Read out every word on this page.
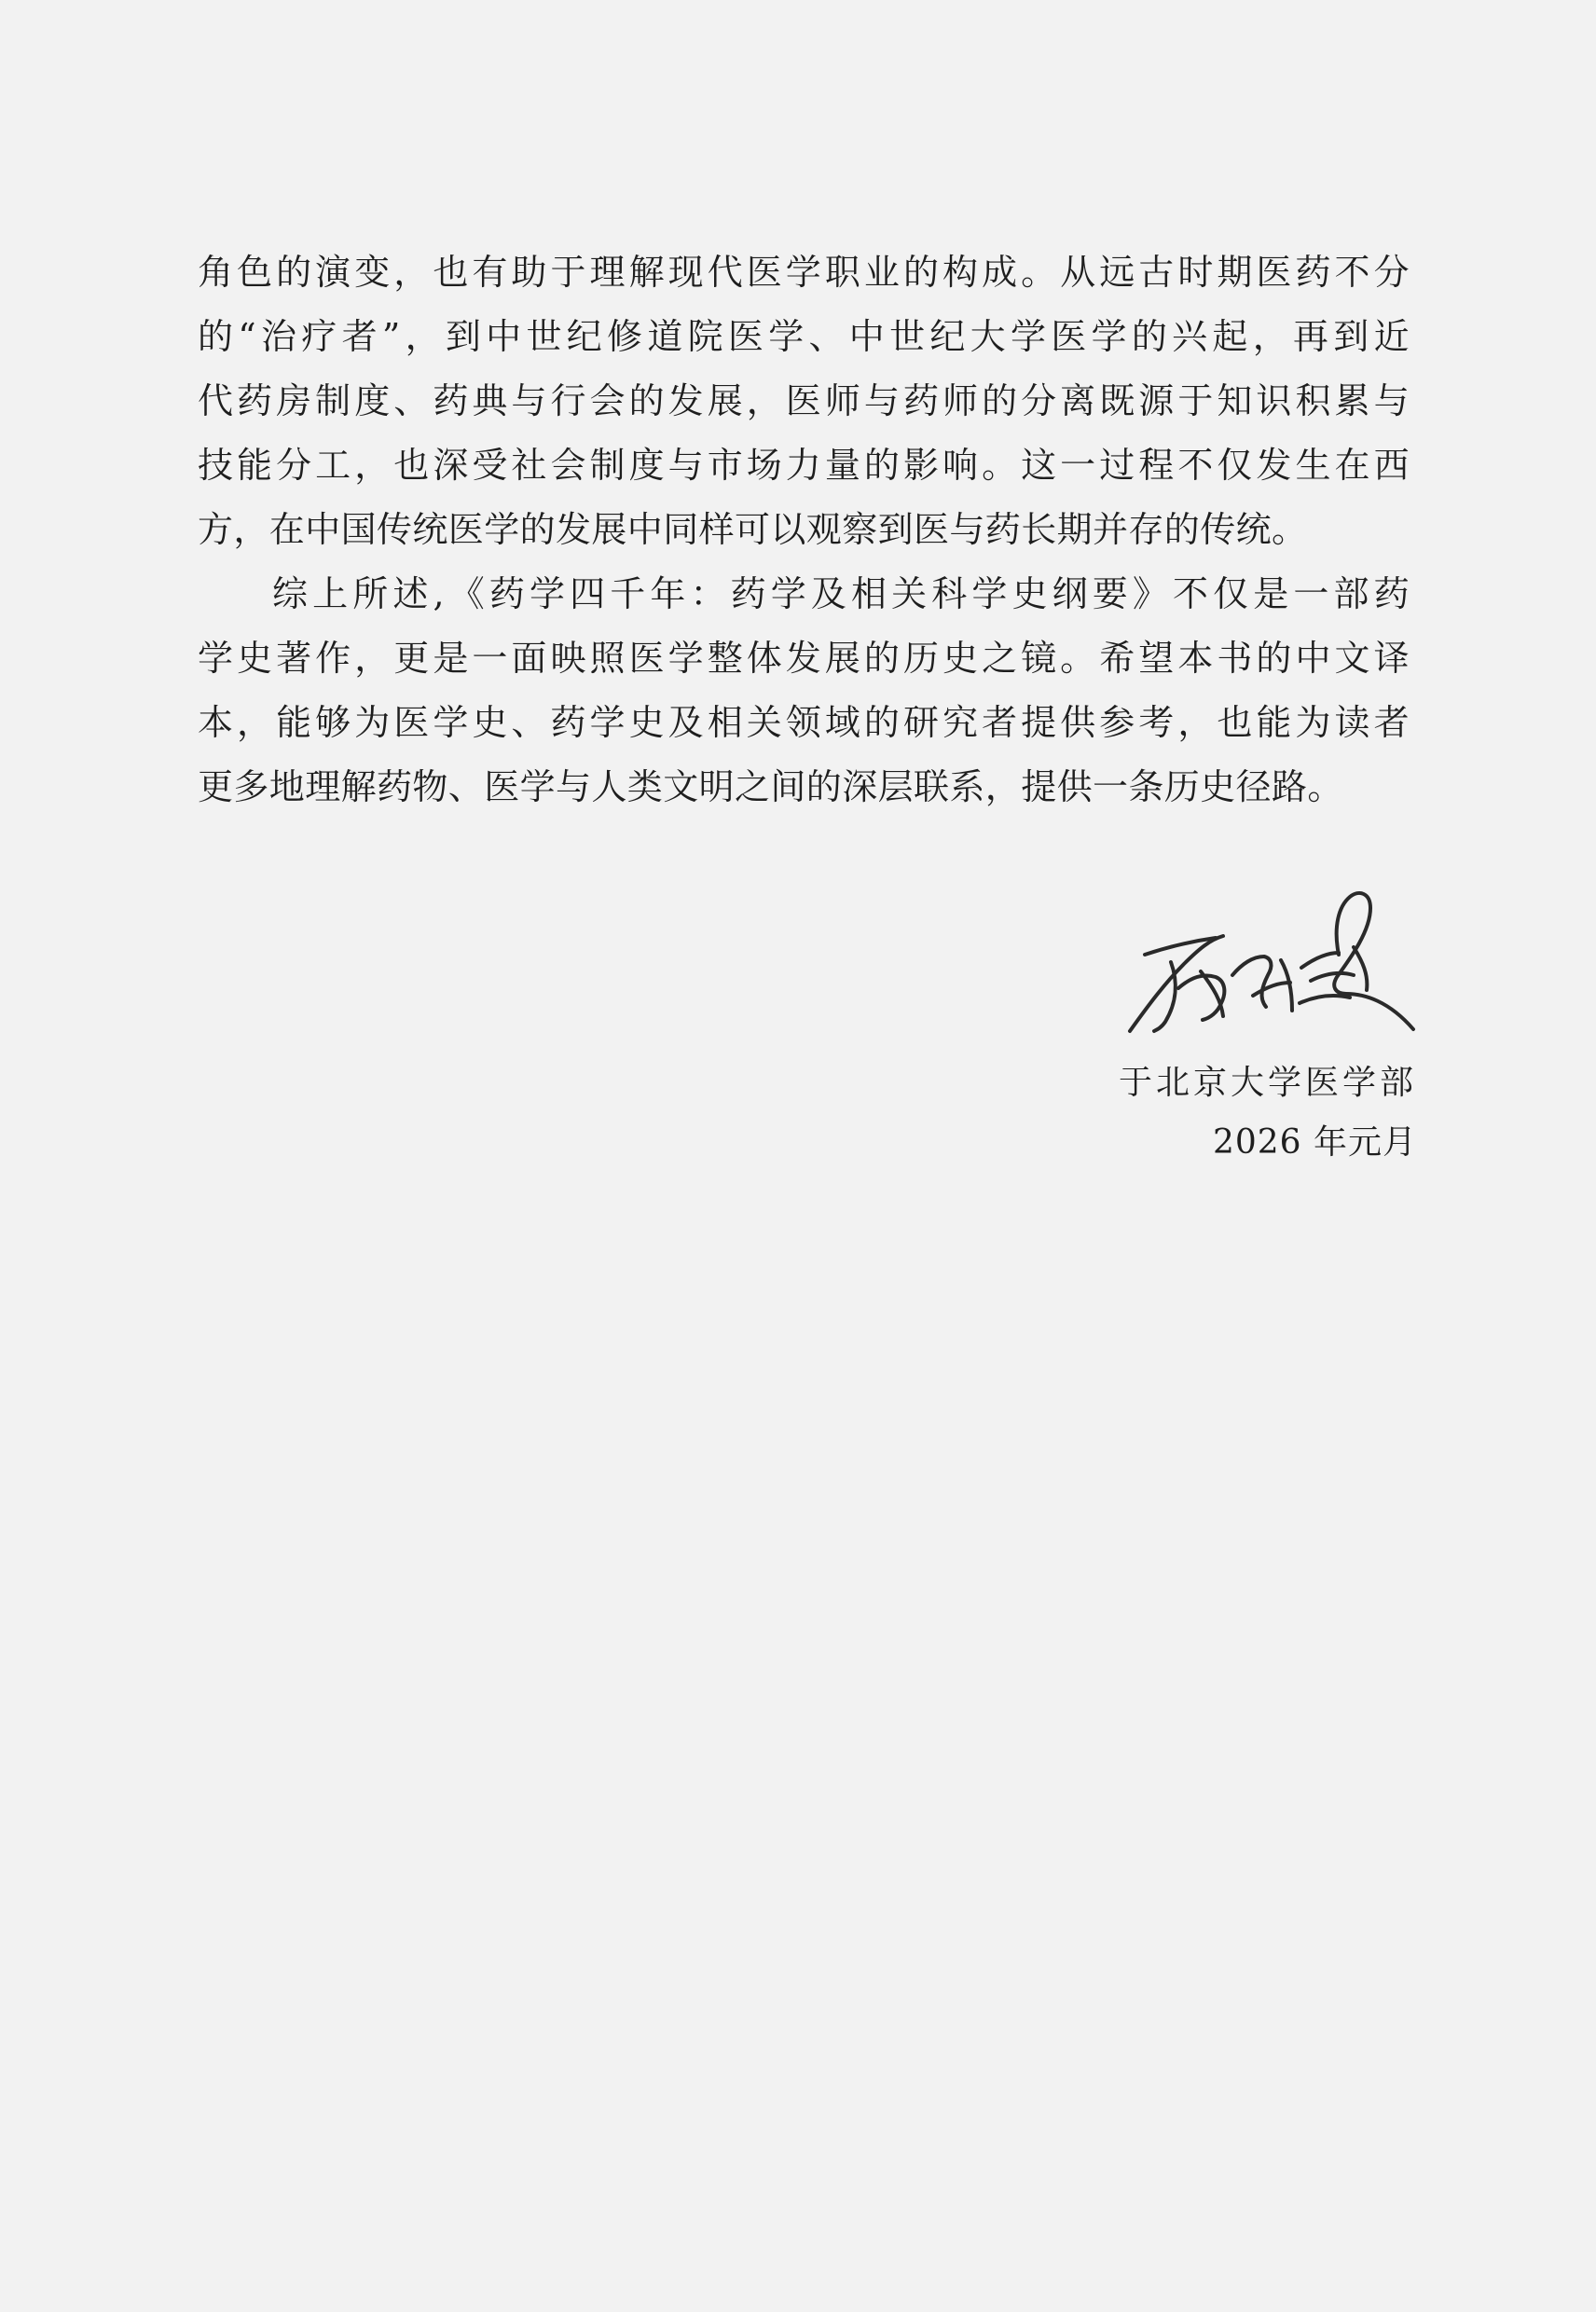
角色的演变，也有助于理解现代医学职业的构成。从远古时期医药不分
的“治疗者”，到中世纪修道院医学、中世纪大学医学的兴起，再到近
代药房制度、药典与行会的发展，医师与药师的分离既源于知识积累与
技能分工，也深受社会制度与市场力量的影响。这一过程不仅发生在西
方，在中国传统医学的发展中同样可以观察到医与药长期并存的传统。
综上所述,《药学四千年：药学及相关科学史纲要》不仅是一部药
学史著作，更是一面映照医学整体发展的历史之镜。希望本书的中文译
本，能够为医学史、药学史及相关领域的研究者提供参考，也能为读者
更多地理解药物、医学与人类文明之间的深层联系，提供一条历史径路。
于北京大学医学部
2026 年元月
